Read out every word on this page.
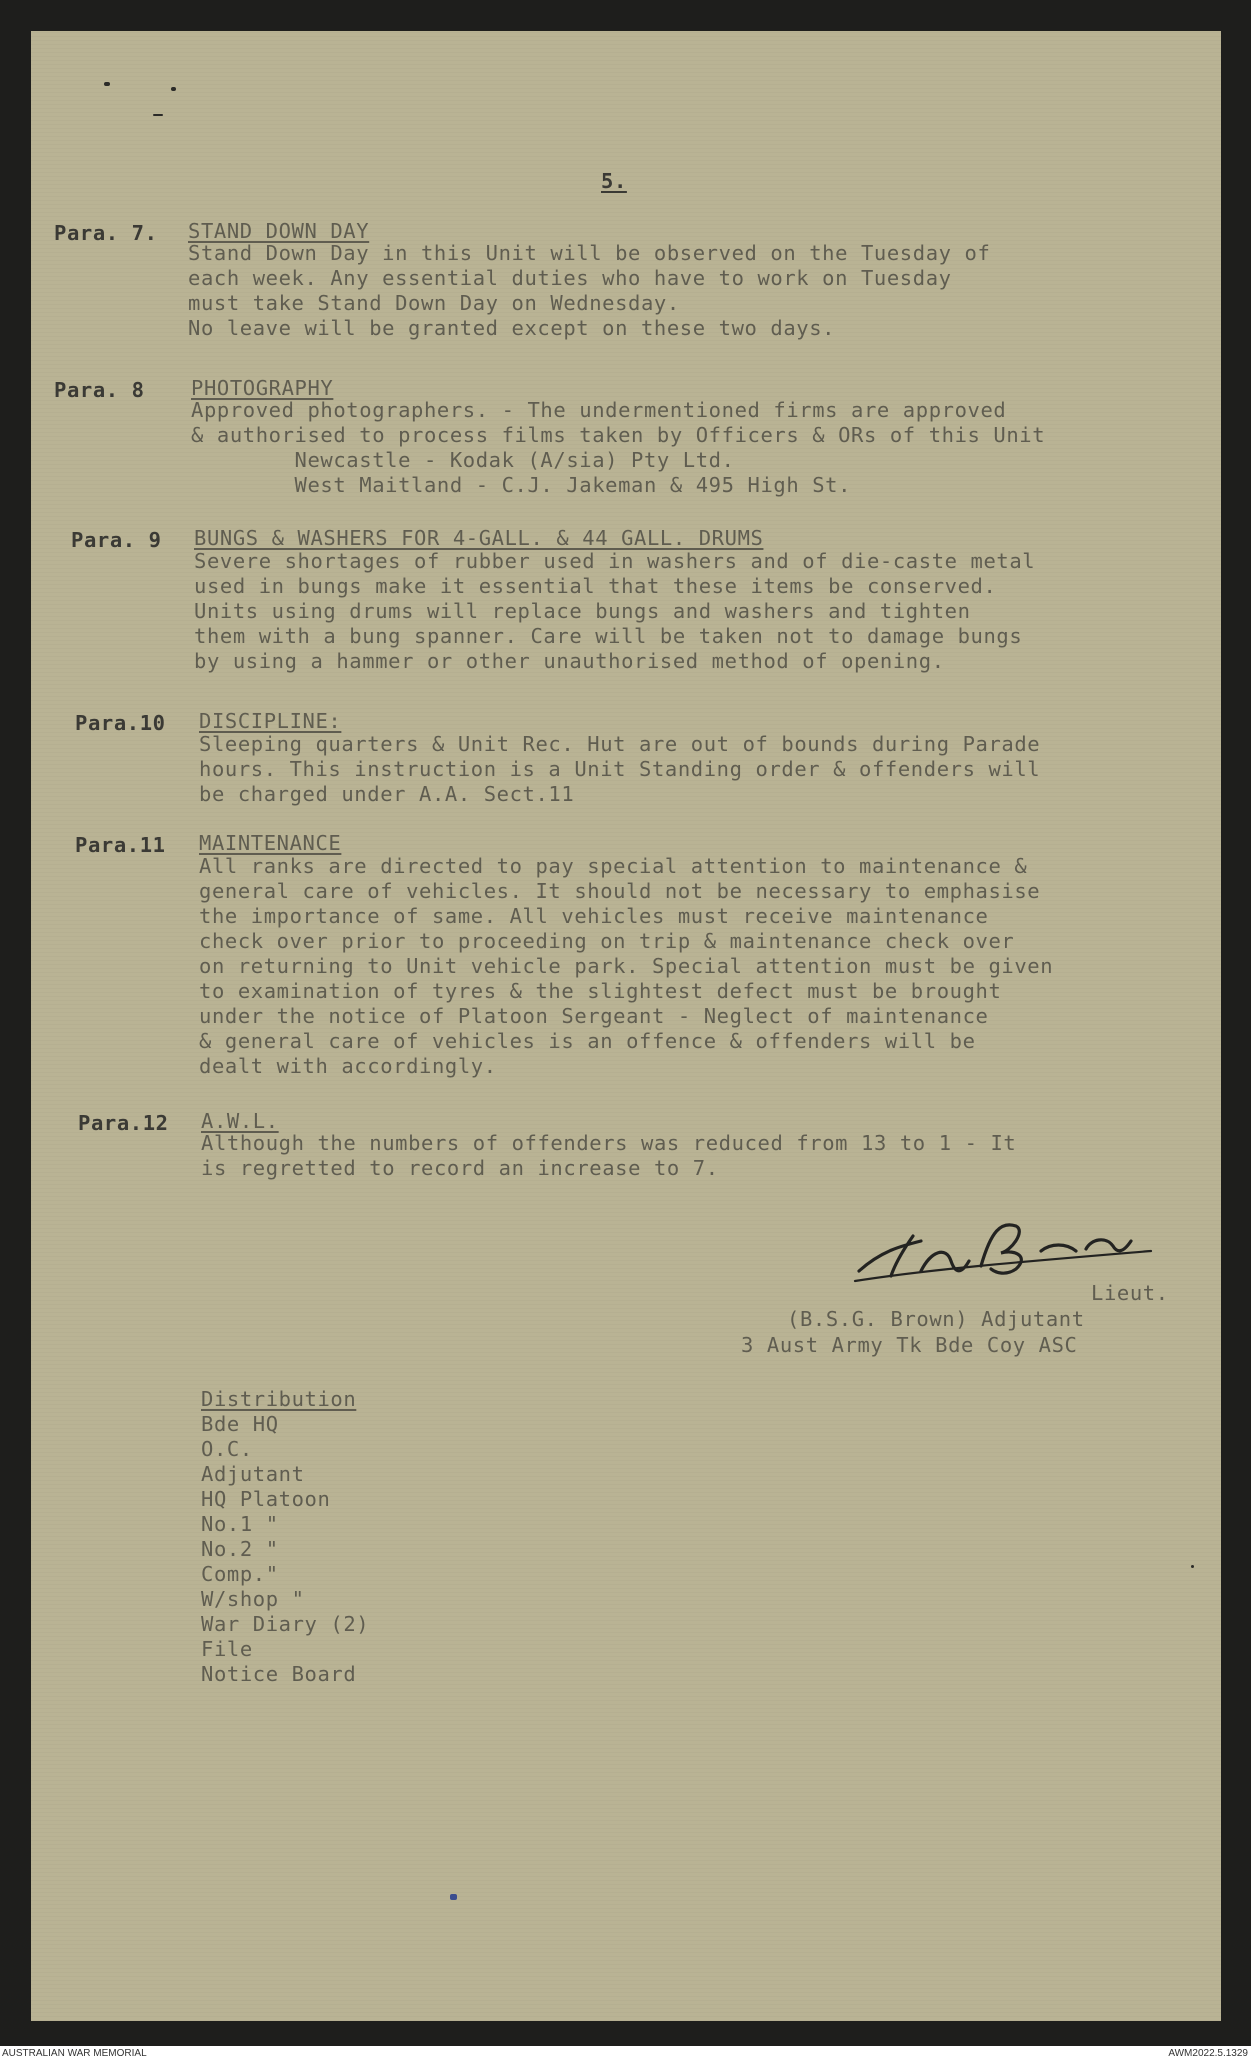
5.
Para. 7. STAND DOWN DAY
Stand Down Day in this Unit will be observed on the Tuesday of
each week. Any essential duties who have to work on Tuesday
must take Stand Down Day on Wednesday.
No leave will be granted except on these two days.
Para. 8 PHOTOGRAPHY
Approved photographers. - The undermentioned firms are approved
& authorised to process films taken by Officers & ORs of this Unit
Newcastle - Kodak (A/sia) Pty Ltd.
West Maitland - C.J. Jakeman & 495 High St.
Para. 9 BUNGS & WASHERS FOR 4-GALL. & 44 GALL. DRUMS
Severe shortages of rubber used in washers and of die-caste metal
used in bungs make it essential that these items be conserved.
Units using drums will replace bungs and washers and tighten
them with a bung spanner. Care will be taken not to damage bungs
by using a hammer or other unauthorised method of opening.
Para.10 DISCIPLINE:
Sleeping quarters & Unit Rec. Hut are out of bounds during Parade
hours. This instruction is a Unit Standing order & offenders will
be charged under A.A. Sect.11
Para.11 MAINTENANCE
All ranks are directed to pay special attention to maintenance &
general care of vehicles. It should not be necessary to emphasise
the importance of same. All vehicles must receive maintenance
check over prior to proceeding on trip & maintenance check over
on returning to Unit vehicle park. Special attention must be given
to examination of tyres & the slightest defect must be brought
under the notice of Platoon Sergeant - Neglect of maintenance
& general care of vehicles is an offence & offenders will be
dealt with accordingly.
Para.12 A.W.L.
Although the numbers of offenders was reduced from 13 to 1 - It
is regretted to record an increase to 7.
Lieut.
(B.S.G. Brown) Adjutant
3 Aust Army Tk Bde Coy ASC
Distribution
Bde HQ
O.C.
Adjutant
HQ Platoon
No.1 "
No.2 "
Comp."
W/shop "
War Diary (2)
File
Notice Board
AUSTRALIAN WAR MEMORIAL	AWM2022.5.1329
